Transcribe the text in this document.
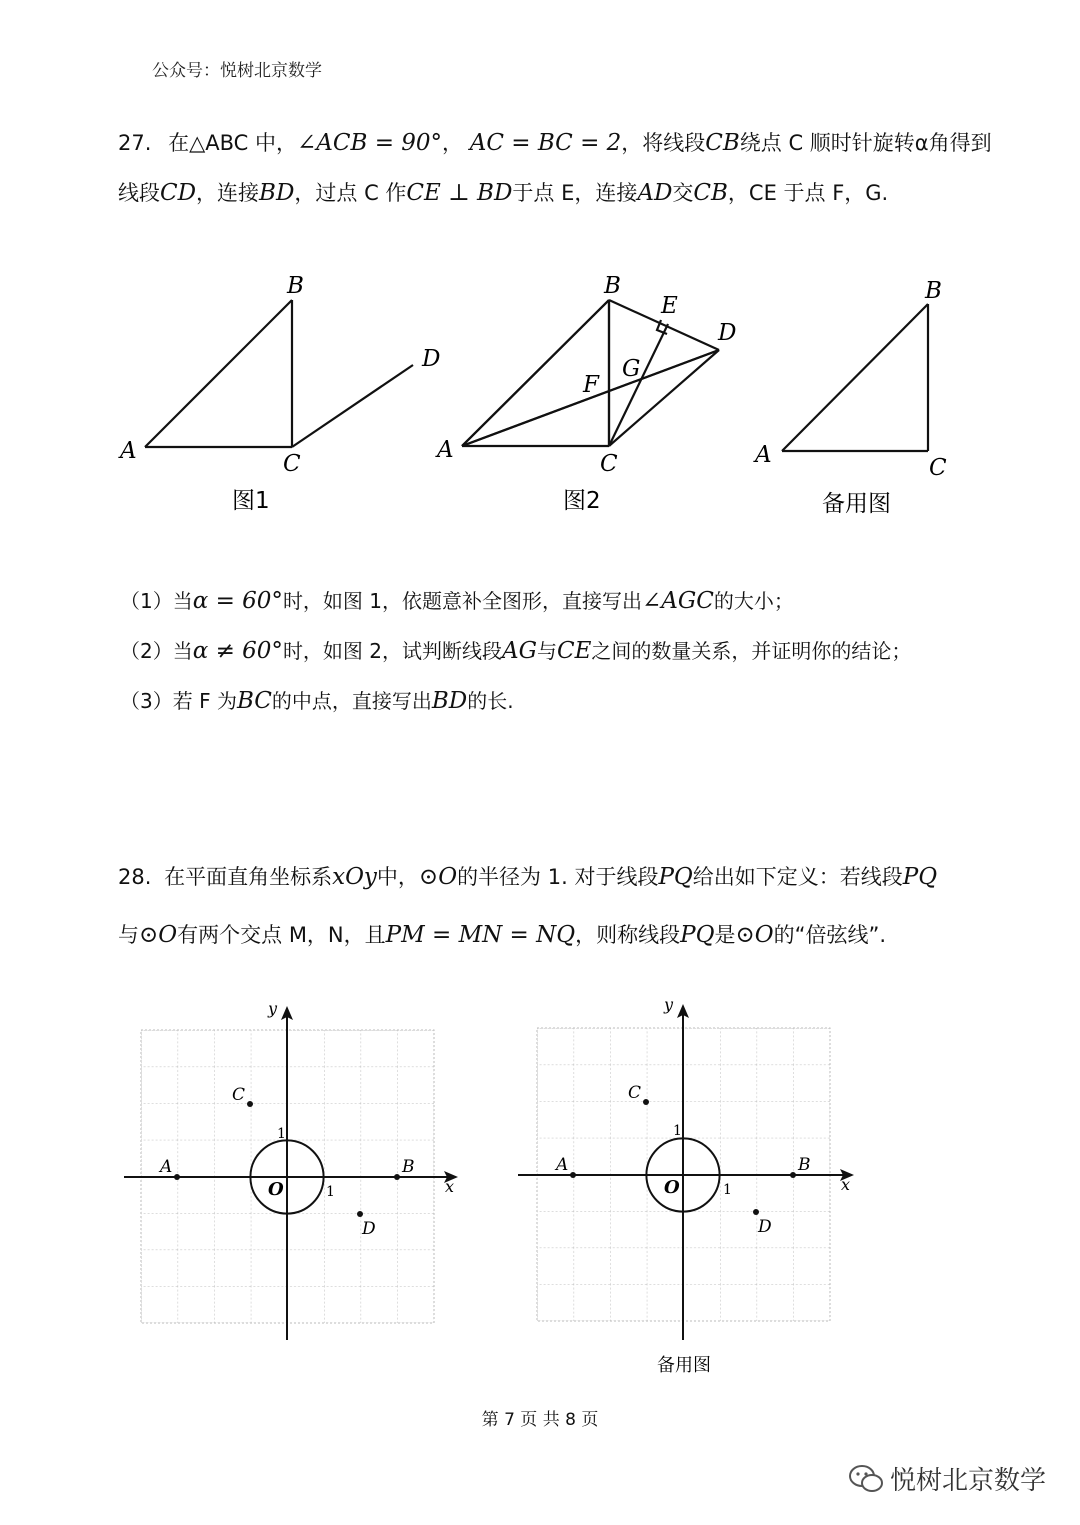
公众号：悦树北京数学
27. 在△ABC 中，∠ACB = 90°， AC = BC = 2，将线段CB绕点 C 顺时针旋转α角得到
线段CD，连接BD，过点 C 作CE ⊥ BD于点 E，连接AD交CB，CE 于点 F，G.
A
B
C
D
图1
A
B
C
D
E
F
G
图2
A
B
C
备用图
（1）当α = 60°时，如图 1，依题意补全图形，直接写出∠AGC的大小；
（2）当α ≠ 60°时，如图 2，试判断线段AG与CE之间的数量关系，并证明你的结论；
（3）若 F 为BC的中点，直接写出BD的长.
28. 在平面直角坐标系xOy中，⊙O的半径为 1. 对于线段PQ给出如下定义：若线段PQ
与⊙O有两个交点 M，N，且PM = MN = NQ，则称线段PQ是⊙O的“倍弦线”.
x
y
O	1
1
A	B
C
D
x
y
O	1
1
A	B
C
D
备用图
第 7 页 共 8 页
悦树北京数学
